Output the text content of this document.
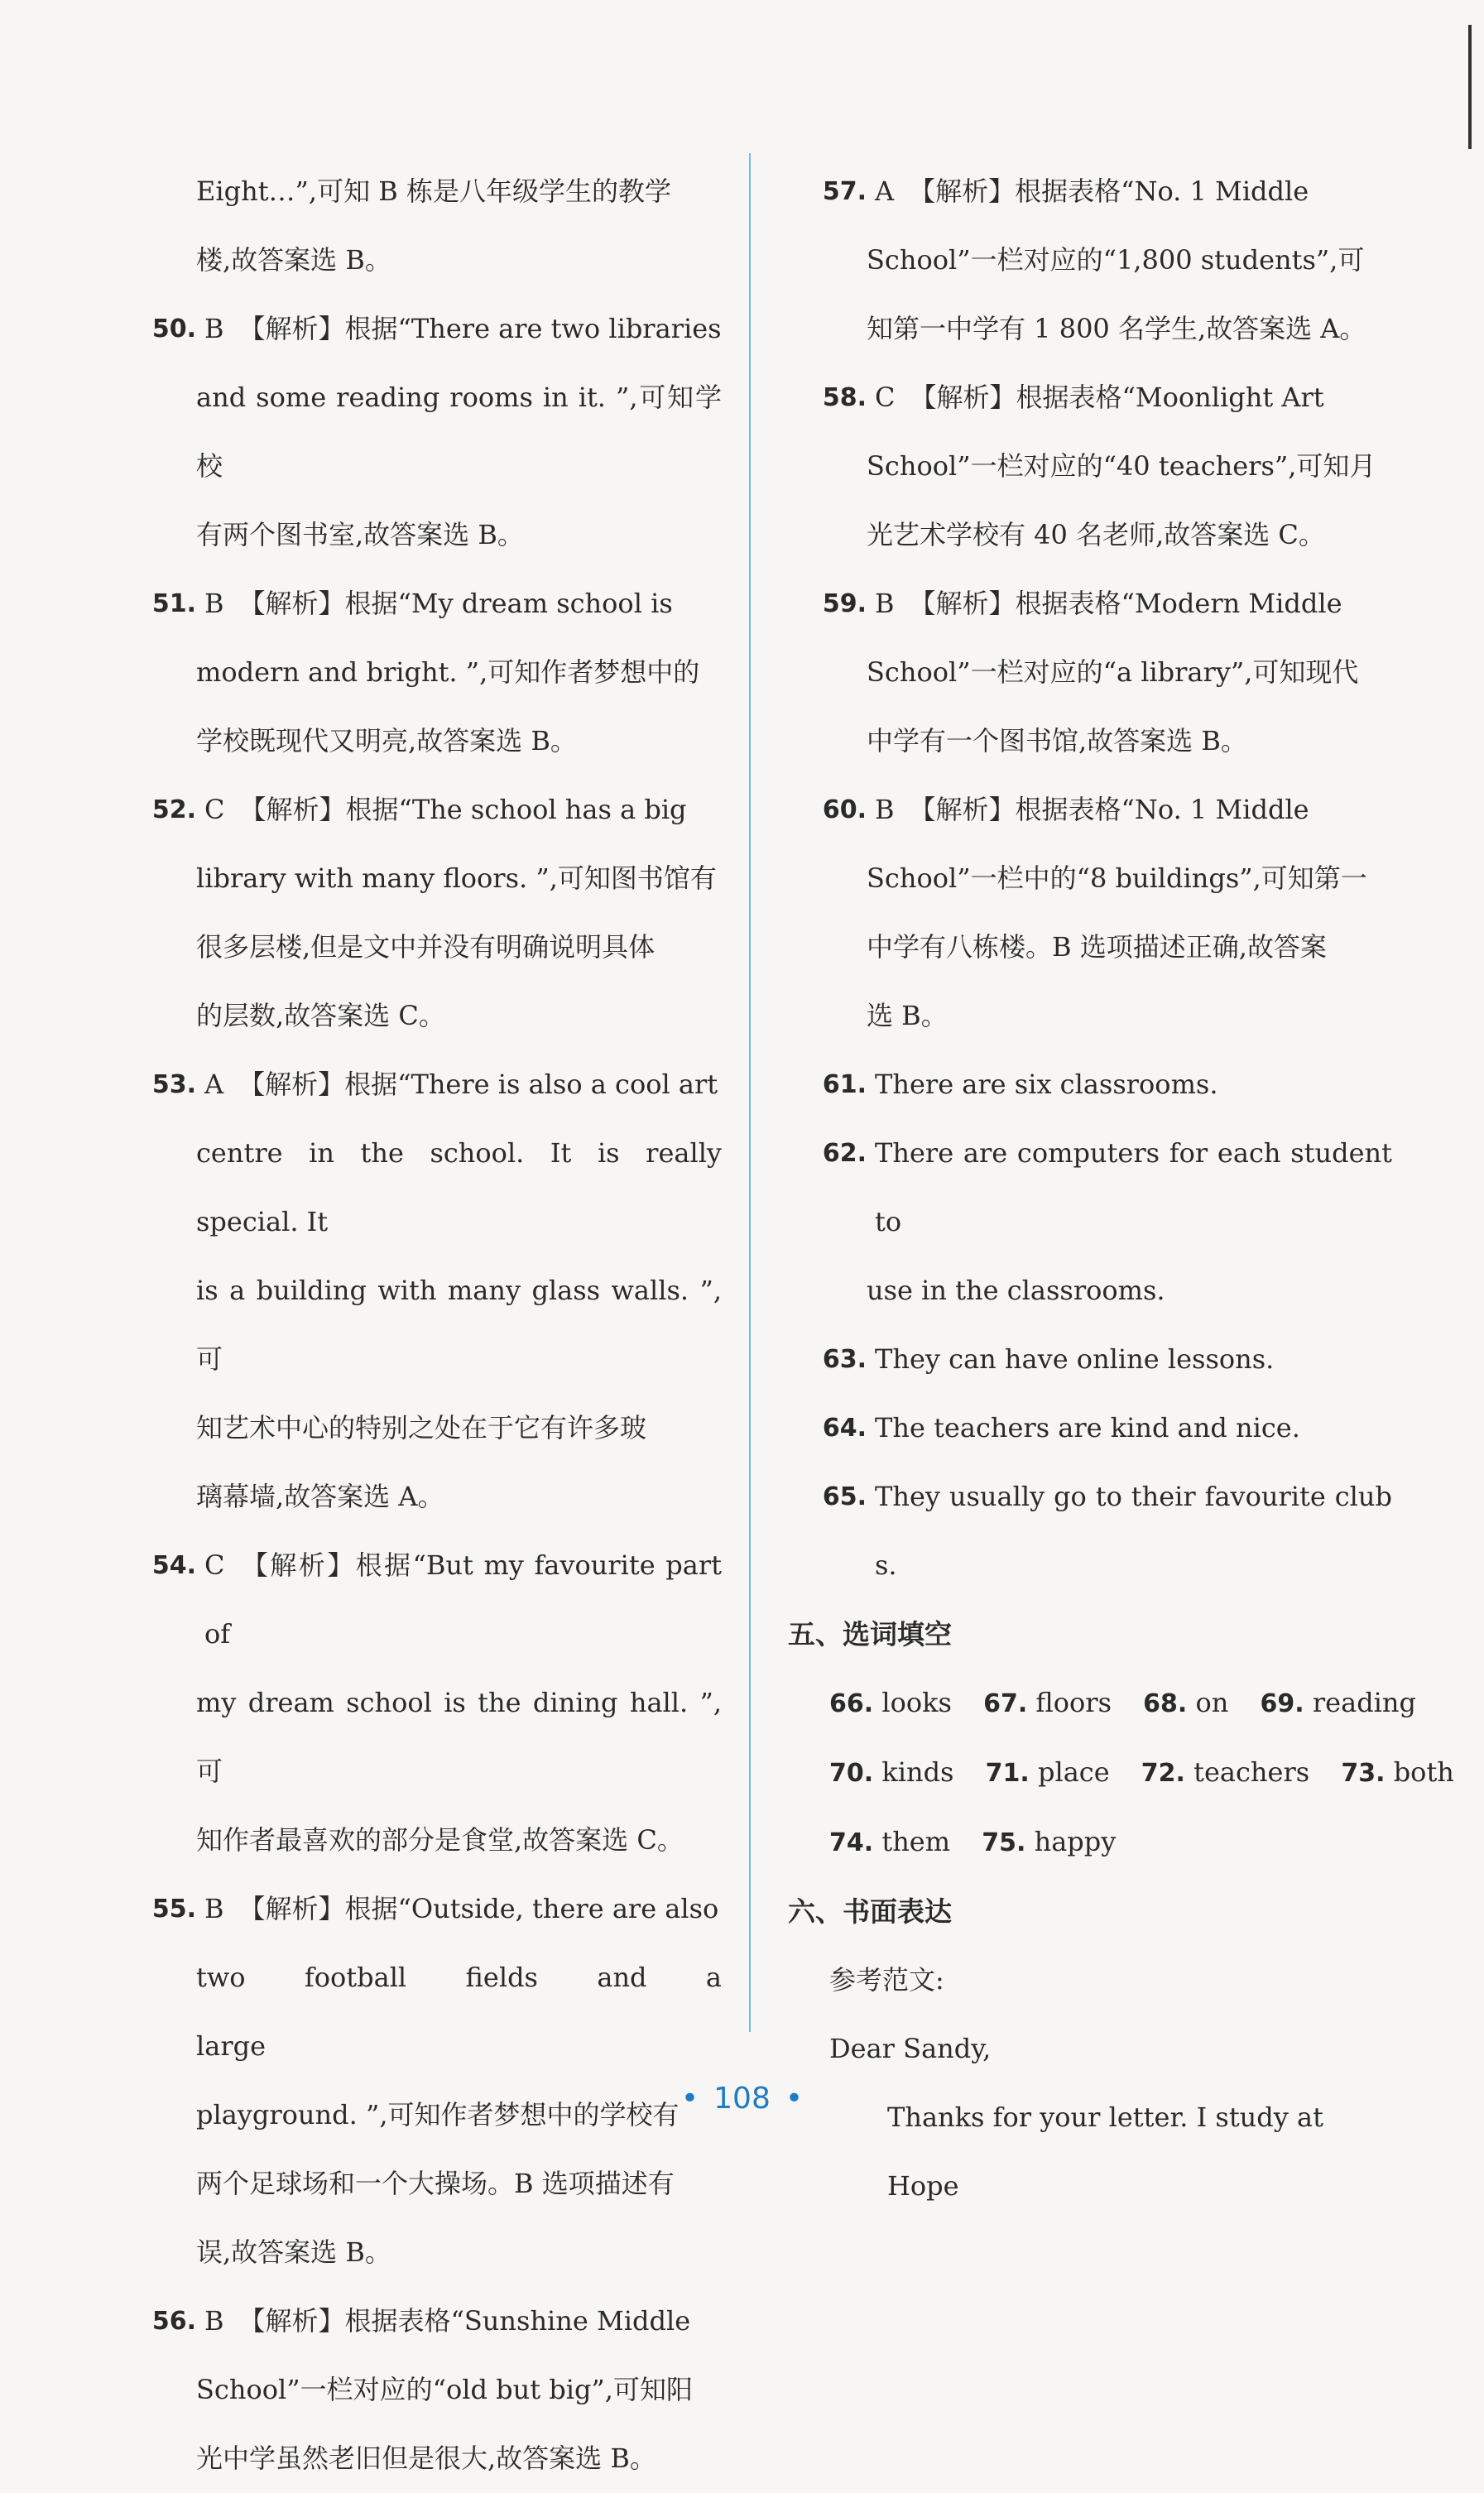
Eight…”,可知 B 栋是八年级学生的教学
楼,故答案选 B。
50. B 【解析】根据“There are two libraries
and some reading rooms in it. ”,可知学校
有两个图书室,故答案选 B。
51. B 【解析】根据“My dream school is
modern and bright. ”,可知作者梦想中的
学校既现代又明亮,故答案选 B。
52. C 【解析】根据“The school has a big
library with many floors. ”,可知图书馆有
很多层楼,但是文中并没有明确说明具体
的层数,故答案选 C。
53. A 【解析】根据“There is also a cool art
centre in the school. It is really special. It
is a building with many glass walls. ”,可
知艺术中心的特别之处在于它有许多玻
璃幕墙,故答案选 A。
54. C 【解析】根据“But my favourite part of
my dream school is the dining hall. ”,可
知作者最喜欢的部分是食堂,故答案选 C。
55. B 【解析】根据“Outside, there are also
two football fields and a large
playground. ”,可知作者梦想中的学校有
两个足球场和一个大操场。B 选项描述有
误,故答案选 B。
56. B 【解析】根据表格“Sunshine Middle
School”一栏对应的“old but big”,可知阳
光中学虽然老旧但是很大,故答案选 B。
57. A 【解析】根据表格“No. 1 Middle
School”一栏对应的“1,800 students”,可
知第一中学有 1 800 名学生,故答案选 A。
58. C 【解析】根据表格“Moonlight Art
School”一栏对应的“40 teachers”,可知月
光艺术学校有 40 名老师,故答案选 C。
59. B 【解析】根据表格“Modern Middle
School”一栏对应的“a library”,可知现代
中学有一个图书馆,故答案选 B。
60. B 【解析】根据表格“No. 1 Middle
School”一栏中的“8 buildings”,可知第一
中学有八栋楼。B 选项描述正确,故答案
选 B。
61. There are six classrooms.
62. There are computers for each student to
use in the classrooms.
63. They can have online lessons.
64. The teachers are kind and nice.
65. They usually go to their favourite clubs.
五、选词填空
66. looks 67. floors 68. on 69. reading
70. kinds 71. place 72. teachers 73. both
74. them 75. happy
六、书面表达
参考范文:
Dear Sandy,
Thanks for your letter. I study at Hope
• 108 •
